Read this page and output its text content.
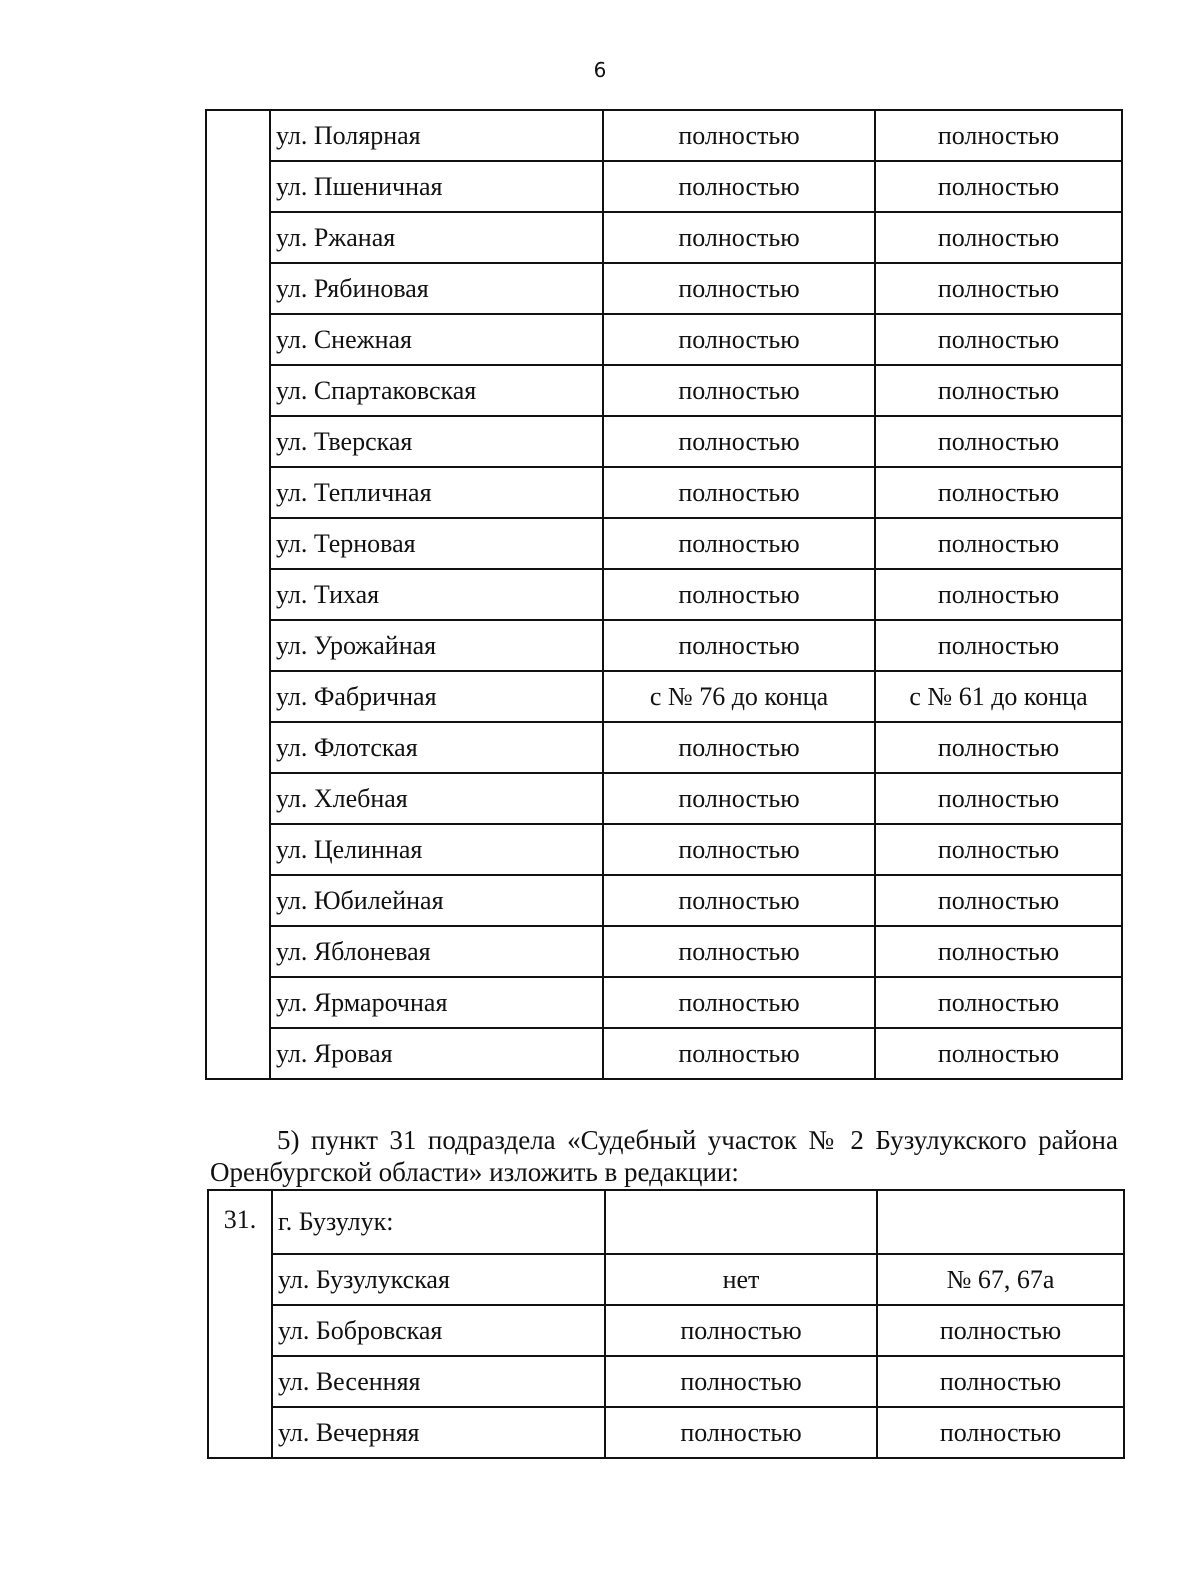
6
	ул. Полярная	полностью	полностью
	ул. Пшеничная	полностью	полностью
	ул. Ржаная	полностью	полностью
	ул. Рябиновая	полностью	полностью
	ул. Снежная	полностью	полностью
	ул. Спартаковская	полностью	полностью
	ул. Тверская	полностью	полностью
	ул. Тепличная	полностью	полностью
	ул. Терновая	полностью	полностью
	ул. Тихая	полностью	полностью
	ул. Урожайная	полностью	полностью
	ул. Фабричная	с № 76 до конца	с № 61 до конца
	ул. Флотская	полностью	полностью
	ул. Хлебная	полностью	полностью
	ул. Целинная	полностью	полностью
	ул. Юбилейная	полностью	полностью
	ул. Яблоневая	полностью	полностью
	ул. Ярмарочная	полностью	полностью
	ул. Яровая	полностью	полностью
5) пункт 31 подраздела «Судебный участок № 2 Бузулукского района
Оренбургской области» изложить в редакции:
31.	г. Бузулук:		
	ул. Бузулукская	нет	№ 67, 67а
	ул. Бобровская	полностью	полностью
	ул. Весенняя	полностью	полностью
	ул. Вечерняя	полностью	полностью
